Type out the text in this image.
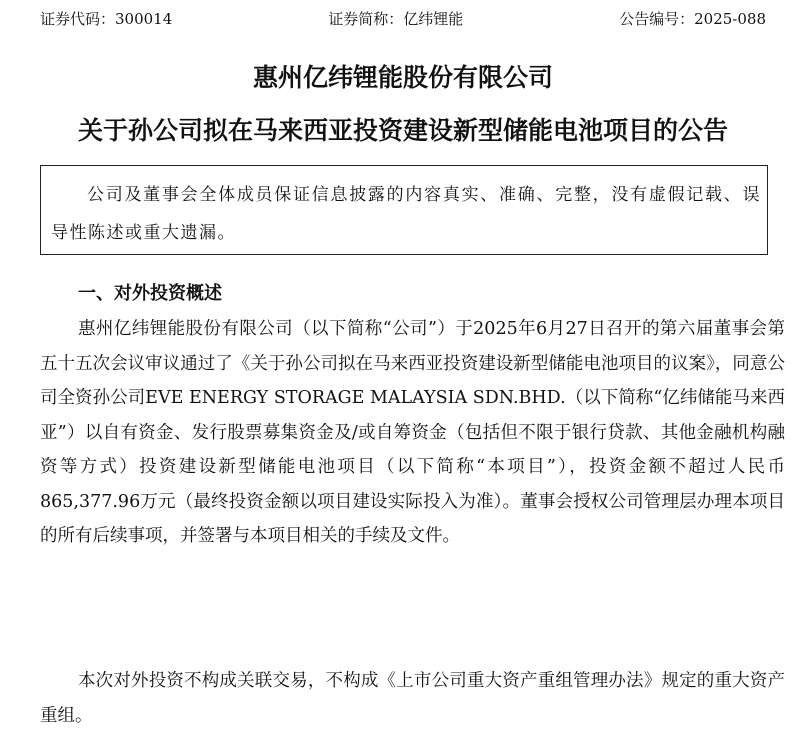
证券代码：300014	证券简称：亿纬锂能	公告编号：2025-088
惠州亿纬锂能股份有限公司
关于孙公司拟在马来西亚投资建设新型储能电池项目的公告
公司及董事会全体成员保证信息披露的内容真实、准确、完整，没有虚假记载、误导性陈述或重大遗漏。
一、对外投资概述

惠州亿纬锂能股份有限公司（以下简称“公司”）于2025年6月27日召开的第六届董事会第五十五次会议审议通过了《关于孙公司拟在马来西亚投资建设新型储能电池项目的议案》，同意公司全资孙公司EVE ENERGY STORAGE MALAYSIA SDN.BHD.（以下简称“亿纬储能马来西亚”）以自有资金、发行股票募集资金及/或自筹资金（包括但不限于银行贷款、其他金融机构融资等方式）投资建设新型储能电池项目（以下简称“本项目”），投资金额不超过人民币865,377.96万元（最终投资金额以项目建设实际投入为准）。董事会授权公司管理层办理本项目的所有后续事项，并签署与本项目相关的手续及文件。

本次对外投资不构成关联交易，不构成《上市公司重大资产重组管理办法》规定的重大资产重组。
